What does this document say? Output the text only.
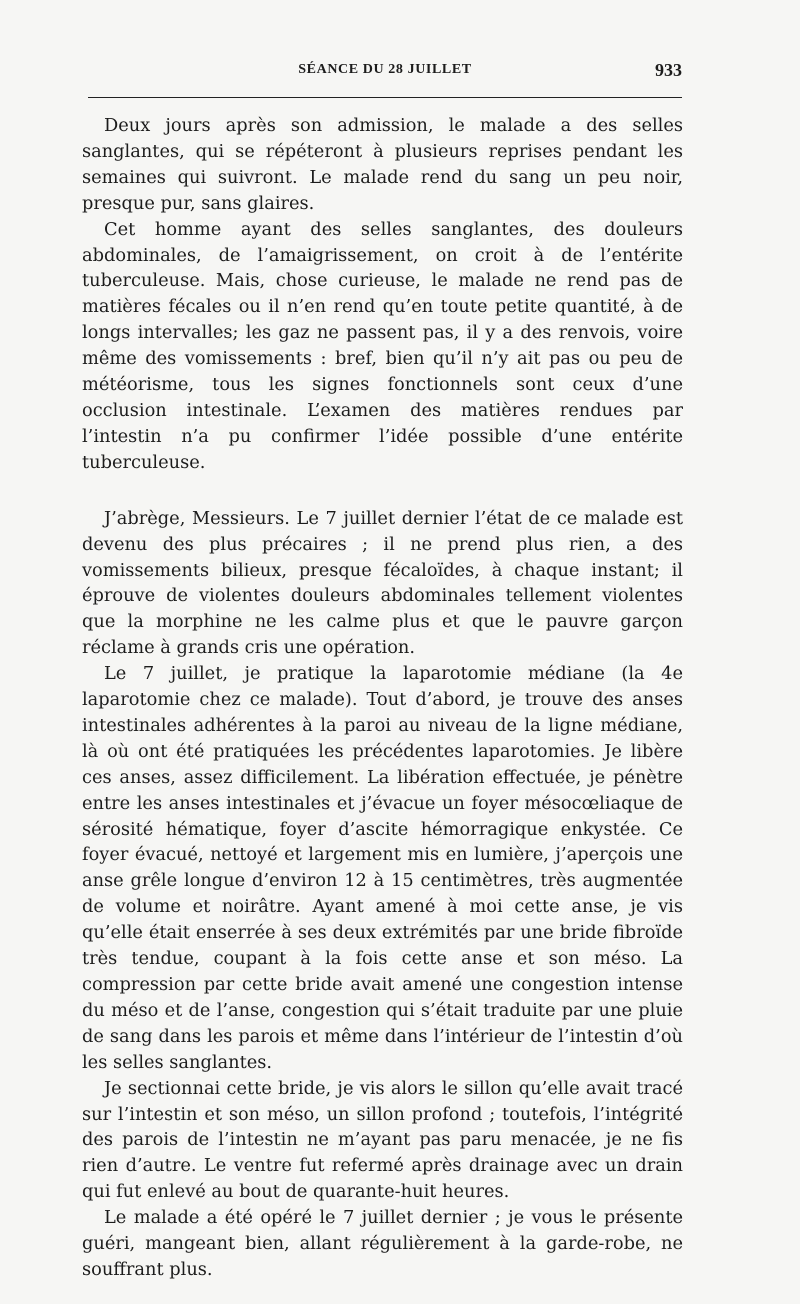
SÉANCE DU 28 JUILLET	933

Deux jours après son admission, le malade a des selles sanglantes, qui se répéteront à plusieurs reprises pendant les semaines qui suivront. Le malade rend du sang un peu noir, presque pur, sans glaires.

Cet homme ayant des selles sanglantes, des douleurs abdominales, de l’amaigrissement, on croit à de l’entérite tuberculeuse. Mais, chose curieuse, le malade ne rend pas de matières fécales ou il n’en rend qu’en toute petite quantité, à de longs intervalles; les gaz ne passent pas, il y a des renvois, voire même des vomissements : bref, bien qu’il n’y ait pas ou peu de météorisme, tous les signes fonctionnels sont ceux d’une occlusion intestinale. L’examen des matières rendues par l’intestin n’a pu confirmer l’idée possible d’une entérite tuberculeuse.

J’abrège, Messieurs. Le 7 juillet dernier l’état de ce malade est devenu des plus précaires ; il ne prend plus rien, a des vomissements bilieux, presque fécaloïdes, à chaque instant; il éprouve de violentes douleurs abdominales tellement violentes que la morphine ne les calme plus et que le pauvre garçon réclame à grands cris une opération.

Le 7 juillet, je pratique la laparotomie médiane (la 4e laparotomie chez ce malade). Tout d’abord, je trouve des anses intestinales adhérentes à la paroi au niveau de la ligne médiane, là où ont été pratiquées les précédentes laparotomies. Je libère ces anses, assez difficilement. La libération effectuée, je pénètre entre les anses intestinales et j’évacue un foyer mésocœliaque de sérosité hématique, foyer d’ascite hémorragique enkystée. Ce foyer évacué, nettoyé et largement mis en lumière, j’aperçois une anse grêle longue d’environ 12 à 15 centimètres, très augmentée de volume et noirâtre. Ayant amené à moi cette anse, je vis qu’elle était enserrée à ses deux extrémités par une bride fibroïde très tendue, coupant à la fois cette anse et son méso. La compression par cette bride avait amené une congestion intense du méso et de l’anse, congestion qui s’était traduite par une pluie de sang dans les parois et même dans l’intérieur de l’intestin d’où les selles sanglantes.

Je sectionnai cette bride, je vis alors le sillon qu’elle avait tracé sur l’intestin et son méso, un sillon profond ; toutefois, l’intégrité des parois de l’intestin ne m’ayant pas paru menacée, je ne fis rien d’autre. Le ventre fut refermé après drainage avec un drain qui fut enlevé au bout de quarante-huit heures.

Le malade a été opéré le 7 juillet dernier ; je vous le présente guéri, mangeant bien, allant régulièrement à la garde-robe, ne souffrant plus.
